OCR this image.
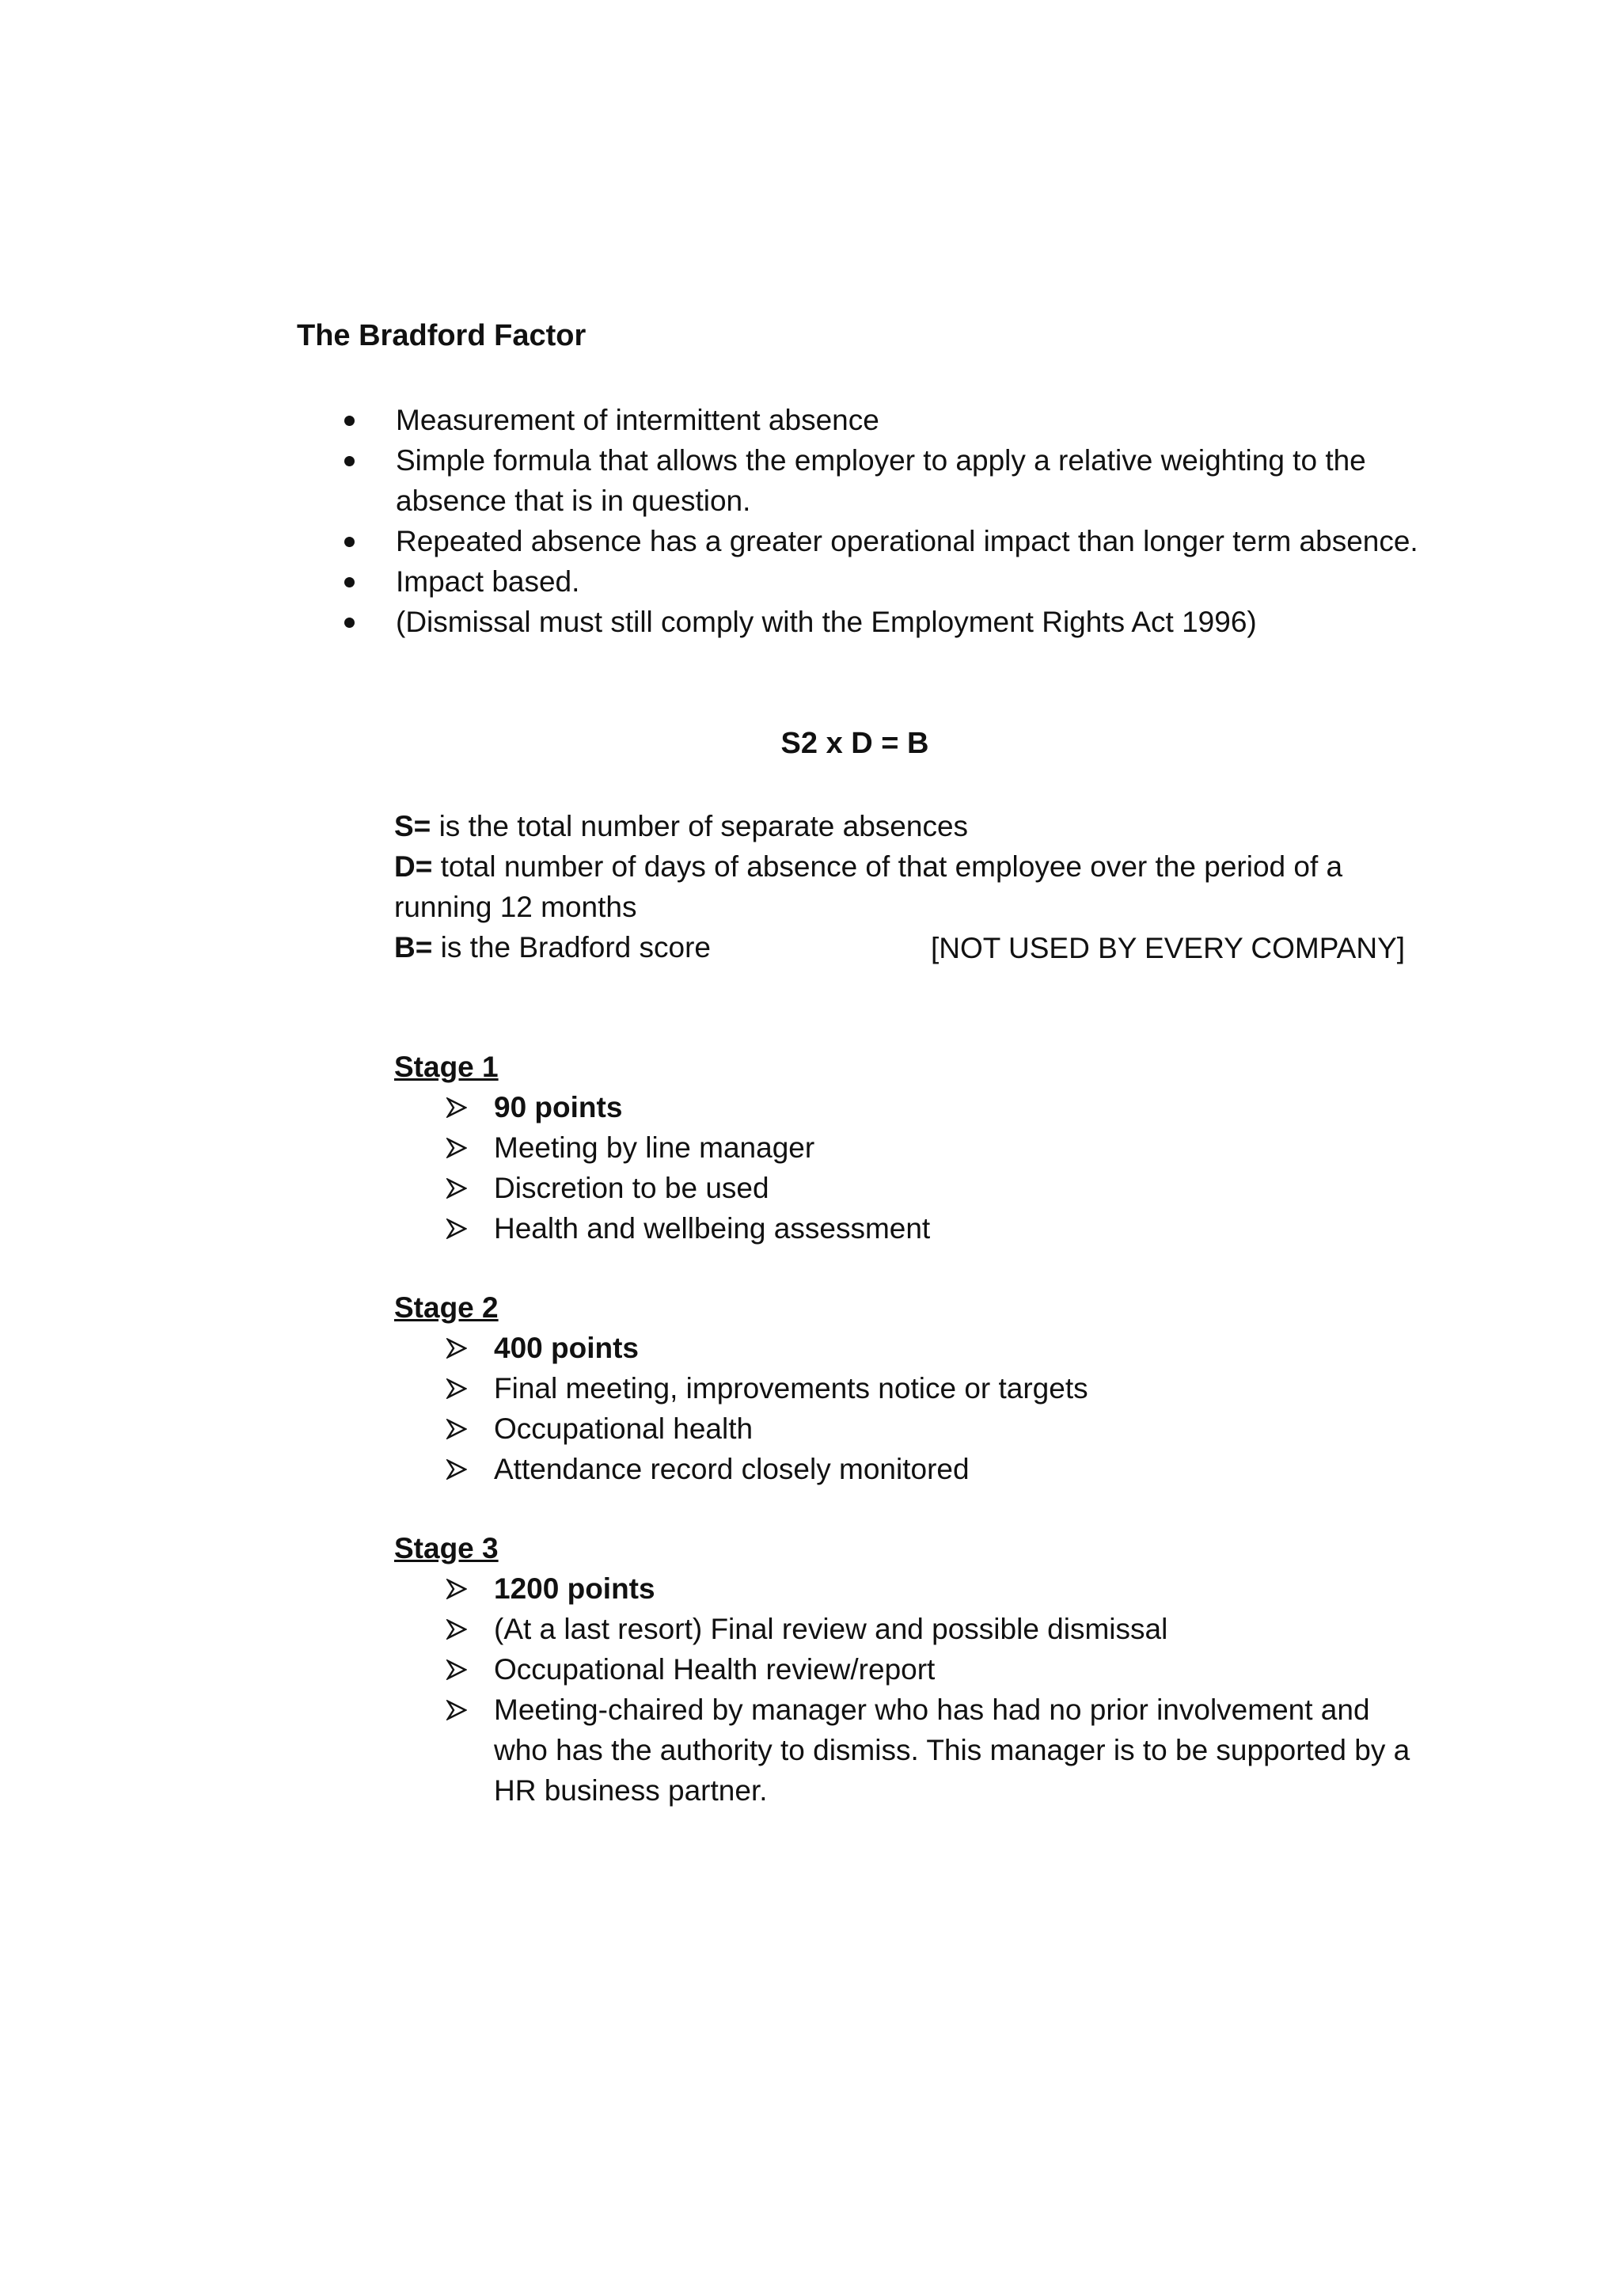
The Bradford Factor

Measurement of intermittent absence

Simple formula that allows the employer to apply a relative weighting to the absence that is in question.

Repeated absence has a greater operational impact than longer term absence.

Impact based.

(Dismissal must still comply with the Employment Rights Act 1996)

S2 x D = B

S= is the total number of separate absences

D= total number of days of absence of that employee over the period of a running 12 months

B= is the Bradford score	[NOT USED BY EVERY COMPANY]

Stage 1

90 points

Meeting by line manager

Discretion to be used

Health and wellbeing assessment

Stage 2

400 points

Final meeting, improvements notice or targets

Occupational health

Attendance record closely monitored

Stage 3

1200 points

(At a last resort) Final review and possible dismissal

Occupational Health review/report

Meeting-chaired by manager who has had no prior involvement and who has the authority to dismiss. This manager is to be supported by a HR business partner.
